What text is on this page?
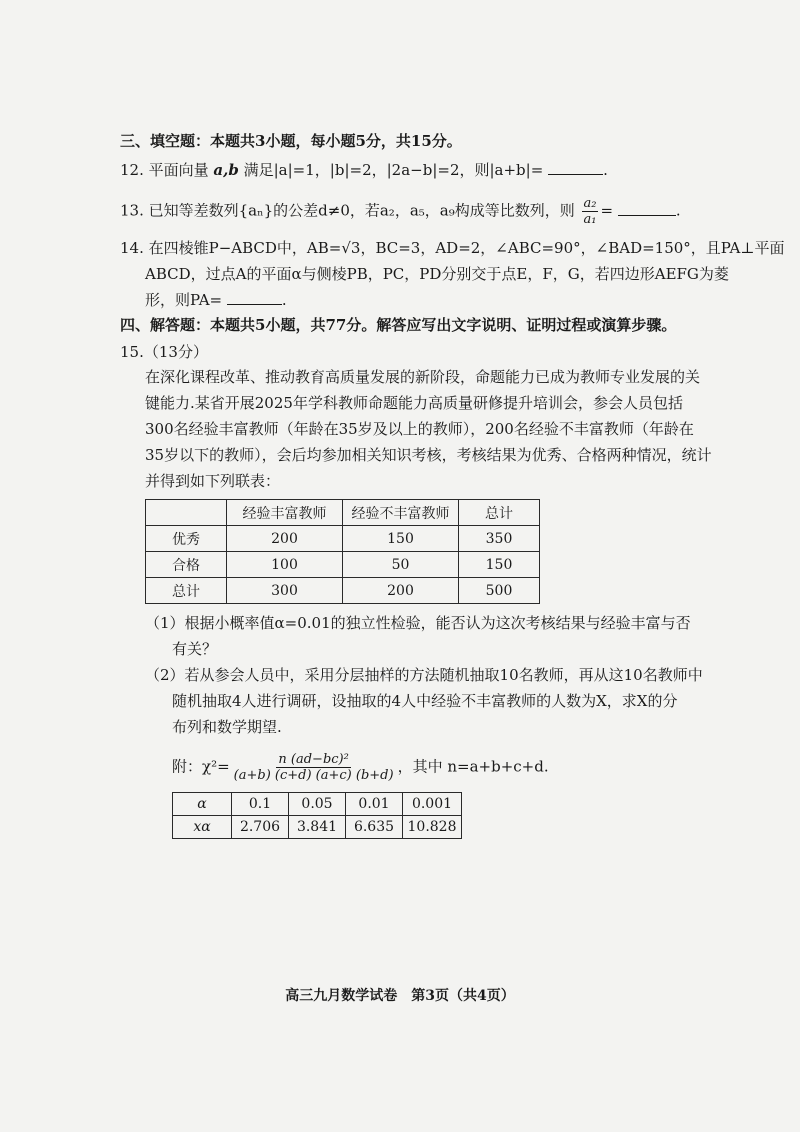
三、填空题：本题共3小题，每小题5分，共15分。
12. 平面向量 a,b 满足|a|=1，|b|=2，|2a−b|=2，则|a+b|=	.
13. 已知等差数列{aₙ}的公差d≠0，若a₂，a₅，a₉构成等比数列，则 $\frac{\text{a₂}}{\text{a₁}}$ =	.
14. 在四棱锥P−ABCD中，AB=√3，BC=3，AD=2，∠ABC=90°，∠BAD=150°，且PA⊥平面
ABCD，过点A的平面α与侧棱PB，PC，PD分别交于点E，F，G，若四边形AEFG为菱
形，则PA=	.
四、解答题：本题共5小题，共77分。解答应写出文字说明、证明过程或演算步骤。
15.（13分）
在深化课程改革、推动教育高质量发展的新阶段，命题能力已成为教师专业发展的关
键能力.某省开展2025年学科教师命题能力高质量研修提升培训会，参会人员包括
300名经验丰富教师（年龄在35岁及以上的教师），200名经验不丰富教师（年龄在
35岁以下的教师），会后均参加相关知识考核，考核结果为优秀、合格两种情况，统计
并得到如下列联表：
	经验丰富教师	经验不丰富教师	总计
优秀	200	150	350
合格	100	50	150
总计	300	200	500
（1）根据小概率值α=0.01的独立性检验，能否认为这次考核结果与经验丰富与否
有关？
（2）若从参会人员中，采用分层抽样的方法随机抽取10名教师，再从这10名教师中
随机抽取4人进行调研，设抽取的4人中经验不丰富教师的人数为X，求X的分
布列和数学期望.
附：$\chi^2= \frac{\text{n (ad−bc)²}}{(a+b) (c+d) (a+c) (b+d)}$ ，其中 n=a+b+c+d.
α	0.1	0.05	0.01	0.001
xα	2.706	3.841	6.635	10.828
高三九月数学试卷　第3页（共4页）
